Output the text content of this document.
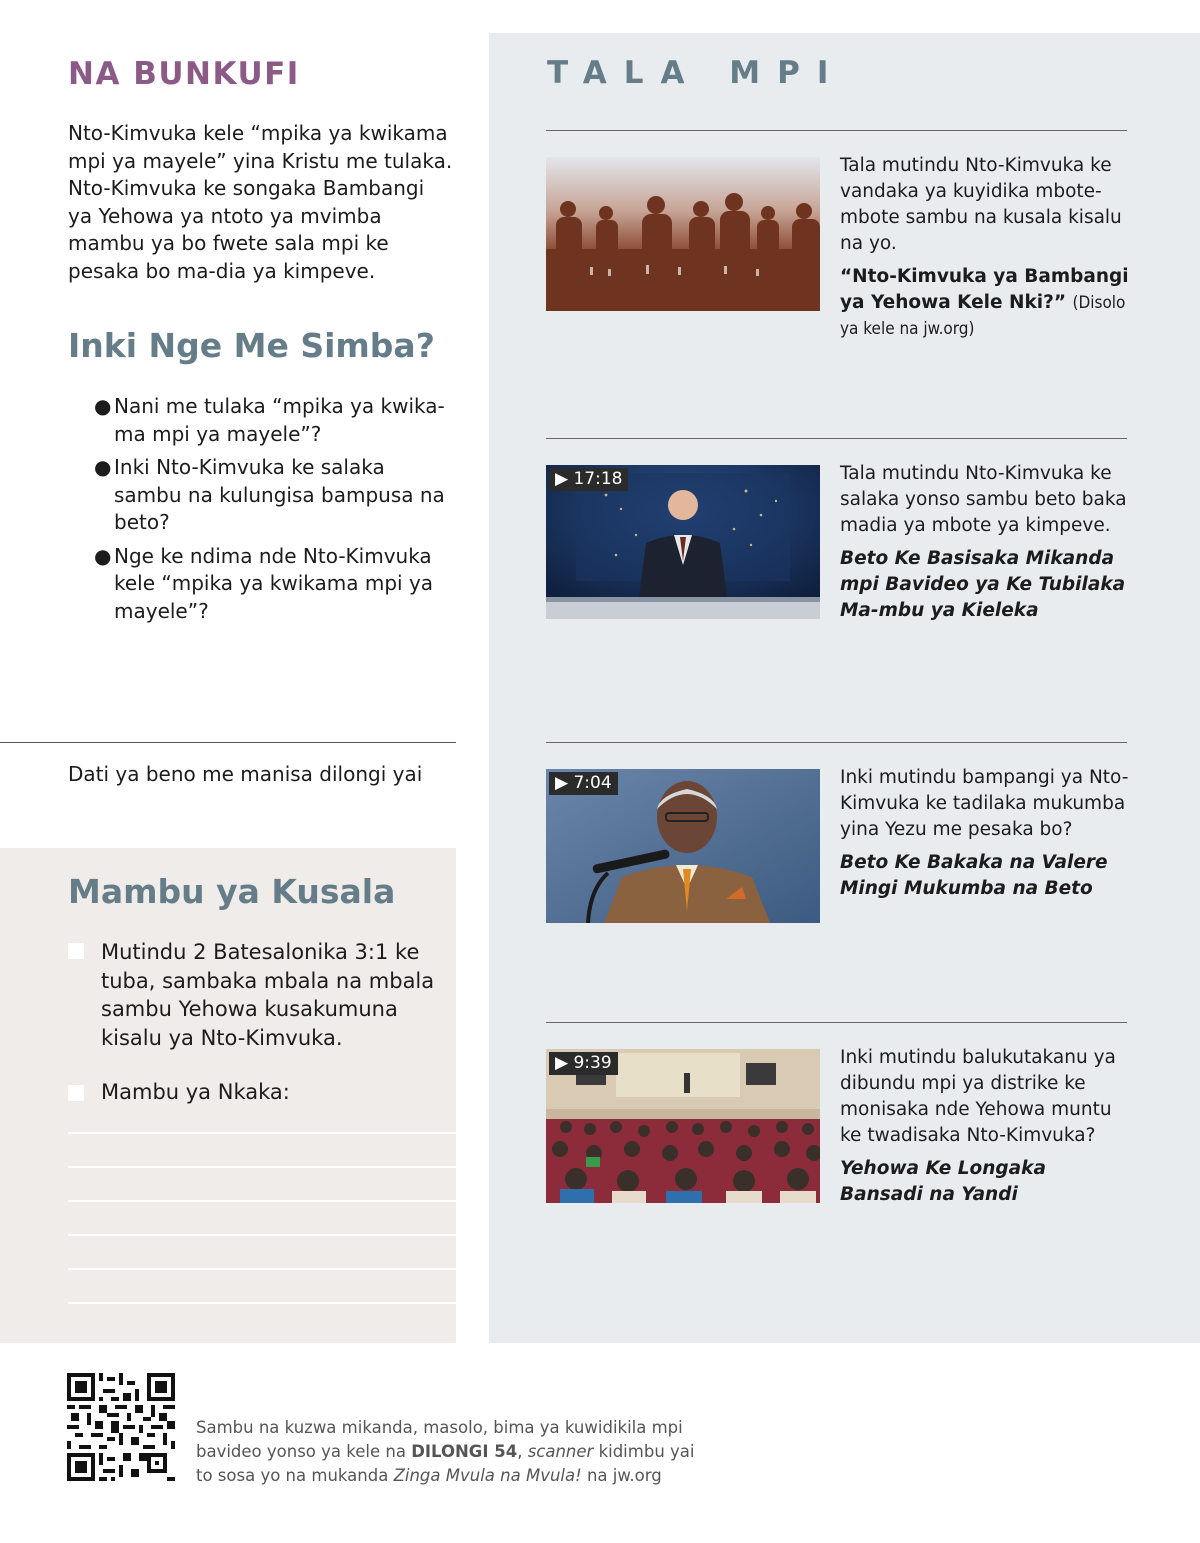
NA BUNKUFI

Nto-Kimvuka kele “mpika ya kwikama mpi ya mayele” yina Kristu me tulaka. Nto-Kimvuka ke songaka Bambangi ya Yehowa ya ntoto ya mvimba mambu ya bo fwete sala mpi ke pesaka bo ma-dia ya kimpeve.

Inki Nge Me Simba?
● Nani me tulaka “mpika ya kwika-ma mpi ya mayele”?
● Inki Nto-Kimvuka ke salaka sambu na kulungisa bampusa na beto?
● Nge ke ndima nde Nto-Kimvuka kele “mpika ya kwikama mpi ya mayele”?
Dati ya beno me manisa dilongi yai
Mambu ya Kusala
Mutindu 2 Batesalonika 3:1 ke tuba, sambaka mbala na mbala sambu Yehowa kusakumuna kisalu ya Nto-Kimvuka.
Mambu ya Nkaka:
TALA MPI
Tala mutindu Nto-Kimvuka ke vandaka ya kuyidika mbote-mbote sambu na kusala kisalu na yo.
“Nto-Kimvuka ya Bambangi ya Yehowa Kele Nki?” (Disolo ya kele na jw.org)
▶ 17:18	Tala mutindu Nto-Kimvuka ke salaka yonso sambu beto baka madia ya mbote ya kimpeve.
Beto Ke Basisaka Mikanda mpi Bavideo ya Ke Tubilaka Ma-mbu ya Kieleka
▶ 7:04	Inki mutindu bampangi ya Nto-Kimvuka ke tadilaka mukumba yina Yezu me pesaka bo?
Beto Ke Bakaka na Valere Mingi Mukumba na Beto
▶ 9:39	Inki mutindu balukutakanu ya dibundu mpi ya distrike ke monisaka nde Yehowa muntu ke twadisaka Nto-Kimvuka?
Yehowa Ke Longaka Bansadi na Yandi

Sambu na kuzwa mikanda, masolo, bima ya kuwidikila mpi bavideo yonso ya kele na DILONGI 54, scanner kidimbu yai to sosa yo na mukanda Zinga Mvula na Mvula! na jw.org
